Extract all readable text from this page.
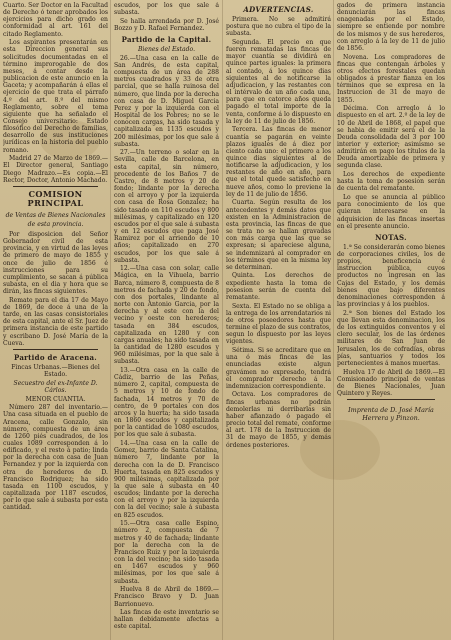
Cuarto. Ser Doctor en la Facultad de Derecho ó tener aprobados los ejercicios para dicho grado en conformidad al art. 161 del citado Reglamento.

Los aspirantes presentarán en esta Direccion general sus solicitudes documentadas en el término improrogable de dos meses, á contar desde la publicacion de este anuncio en la Gaceta; y acompañarán á ellas el ejercicio de que trata el párrafo 4.º del art. 8.º del mismo Reglamento, sobre el tema siguiente que ha señalado el Consejo universitario: Estado filosófico del Derecho de familias, desarrollo de sus instituciones jurídicas en la historia del pueblo romano.

Madrid 27 de Marzo de 1869.—El Director general, Santiago Diego Madrazo.—Es copia.—El Rector, Doctor, Antonio Machado.

COMISION PRINCIPAL
de Ventas de Bienes Nacionales de esta provincia.

Por disposicion del Señor Gobernador civil de esta provincia, y en virtud de las leyes de primero de mayo de 1855 y once de julio de 1856 é instrucciones para su cumplimiento, se sacan á pública subasta, en el dia y hora que se dirán, las fincas siguientes.

Remate para el dia 17 de Mayo de 1869, de doce á una de la tarde, en las casas consistoriales de esta capital, ante el Sr. Juez de primera instancia de este partido y escribano D. José María de la Cueva.

Partido de Aracena.

Fincas Urbanas.—Bienes del Estado.

Secuestro del ex-Infante D. Cárlos.

MENOR CUANTIA.

Número 287 del inventario.—Una casa situada en el pueblo de Aracena, calle Gonzalo, sin número, compuesta de un área de 1260 piés cuadrados, de los cuales 1089 corresponden á lo edificado, y el resto á patio; linda por la derecha con casa de Juan Fernandez y por la izquierda con otra de herederos de D. Francisco Rodriguez; ha sido tasada en 1100 escudos, y capitalizada por 1187 escudos, por lo que sale á subasta por esta cantidad.

escudos, por los que sale á subasta.

Se halla arrendada por D. José Bozzo y D. Rafael Fernandez.

Partido de la Capital.

Bienes del Estado.

26.—Una casa en la calle de San Andrés, de esta capital, compuesta de un área de 288 metros cuadrados y 33 de otra parcial, que se halla ruinosa del número, que linda por la derecha con casa de D. Miguel Garcia Perez y por la izquierda con el Hospital de los Pobres; no se le conocen cargas, ha sido tasada y capitalizada en 1135 escudos y 200 milésimas, por los que sale á subasta.

27.—Un terreno o solar en la Sevilla, calle de Barcelona, en esta capital, sin número, procedente de los Baños 7 de Castro, de 8 metros y 20 de fondo; lindante por la derecha con el arroyo y por la izquierda con casa de Rosa Gonzalez; ha sido tasado en 110 escudos y 800 milésimas, y capitalizado en 120 escudos por el que sale á subasta y en 12 escudos que paga José Ramirez por el arriendo de 10 años; capitalizado en 270 escudos, por los que sale á subasta.

12.—Una casa con solar, calle Mágica, en la Vihuela, barrio Barca, número 8, compuesta de 8 metros de fachada y 20 de fondo, con dos portales, lindante al norte con Antonio Garcia, por la derecha y al este con la del vecino y oeste con herederos; tasada en 384 escudos, capitalizada en 1280 y con cargas anuales; ha sido tasada en la cantidad de 1280 escudos y 960 milésimas, por la que sale á subasta.

13.—Otra casa en la calle de Cádiz, barrio de las Peñas, número 2, capital, compuesta de 5 metros y 10 de fondo de fachada, 14 metros y 70 de centro, de 9 portales con dos arcos y la huerta; ha sido tasada en 1860 escudos y capitalizada por la cantidad de 1080 escudos, por los que sale á subasta.

14.—Una casa en la calle de Gomez, barrio de Santa Catalina, número 7, lindante por la derecha con la de D. Francisco Huerta, tasada en 825 escudos y 900 milésimas, capitalizada por la que sale á subasta en 40 escudos; lindante por la derecha con el arroyo y por la izquierda con la del vecino; sale á subasta en 825 escudos.

15.—Otra casa calle Espino, número 2, compuesta de 7 metros y 40 de fachada; lindante por la derecha con la de Francisco Ruiz y por la izquierda con la del vecino; ha sido tasada en 1467 escudos y 960 milésimas, por los que sale á subasta.

Huelva 8 de Abril de 1869.—Francisco Bravo y D. Juan Barrionuevo.

Las fincas de este inventario se hallan debidamente afectas a este capital.

ADVERTENCIAS.

Primera. No se admitirá postura que no cubra el tipo de la subasta.

Segunda. El precio en que fueren rematadas las fincas de mayor cuantía se dividirá en quince partes iguales: la primera al contado, á los quince dias siguientes al de notificarse la adjudicacion, y las restantes con el intérvalo de un año cada una, para que en catorce años queda pagado el total importe de la venta, conforme á lo dispuesto en la ley de 11 de julio de 1856.

Tercera. Las fincas de menor cuantía se pagarán en veinte plazos iguales de á diez por ciento cada uno: el primero a los quince dias siguientes al de notificarse la adjudicacion, y los restantes de año en año, para que el total quede satisfecho en nueve años, como lo previene la ley de 11 de julio de 1856.

Cuarta. Según resulta de los antecedentes y demás datos que existen en la Administracion de esta provincia, las fincas de que se trata no se hallan gravadas con más carga que las que se expresan; si apareciese alguna, se indemnizará al comprador en los términos que en la misma ley se determinan.

Quinta. Los derechos de expediente hasta la toma de posesion serán de cuenta del rematante.

Sexta. El Estado no se obliga a la entrega de los arrendatarios ni de otros poseedores hasta que termine el plazo de sus contratos, segun lo dispuesto por las leyes vigentes.

Sétima. Si se acreditare que en una ó más fincas de las enunciadas existe algun gravámen no expresado, tendrá el comprador derecho á la indemnizacion correspondiente.

Octava. Los compradores de fincas urbanas no podrán demolerlas ni derribarlas sin haber afianzado ó pagado el precio total del remate, conforme al art. 178 de la Instruccion de 31 de mayo de 1855, y demás órdenes posteriores.

gados de primera instancia denunciarán las fincas enagenadas por el Estado, siempre se entiende por nombre de los mismos y de sus herederos, con arreglo á la ley de 11 de julio de 1856.

Novena. Los compradores de fincas que contengan árboles y otros efectos forestales quedan obligados á prestar fianza en los términos que se expresa en la Instruccion de 31 de mayo de 1855.

Décima. Con arreglo á lo dispuesto en el art. 2.º de la ley de 10 de Abril de 1868, el papel que se habia de emitir será el de la Deuda consolidada del 3 por 100 interior y exterior; asimismo se admitirán en pago los títulos de la Deuda amortizable de primera y segunda clase.

Los derechos de expediente hasta la toma de posesion serán de cuenta del rematante.

Lo que se anuncia al público para conocimiento de los que quieran interesarse en la adquisicion de las fincas insertas en el presente anuncio.

NOTAS.

1.ª Se considerarán como bienes de corporaciones civiles, los de propios, beneficencia é instruccion pública, cuyos productos no ingresan en las Cajas del Estado, y los demás bienes que bajo diferentes denominaciones corresponden á las provincias y á los pueblos.

2.ª Son bienes del Estado los que llevan esta denominacion, los de los extinguidos conventos y el clero secular, los de las órdenes militares de San Juan de Jerusalen, los de cofradías, obras pías, santuarios y todos los pertenecientes á manos muertas.

Huelva 17 de Abril de 1869.—El Comisionado principal de ventas de Bienes Nacionales, Juan Quintero y Reyes.

Imprenta de D. José María Herrera y Pinzon.
